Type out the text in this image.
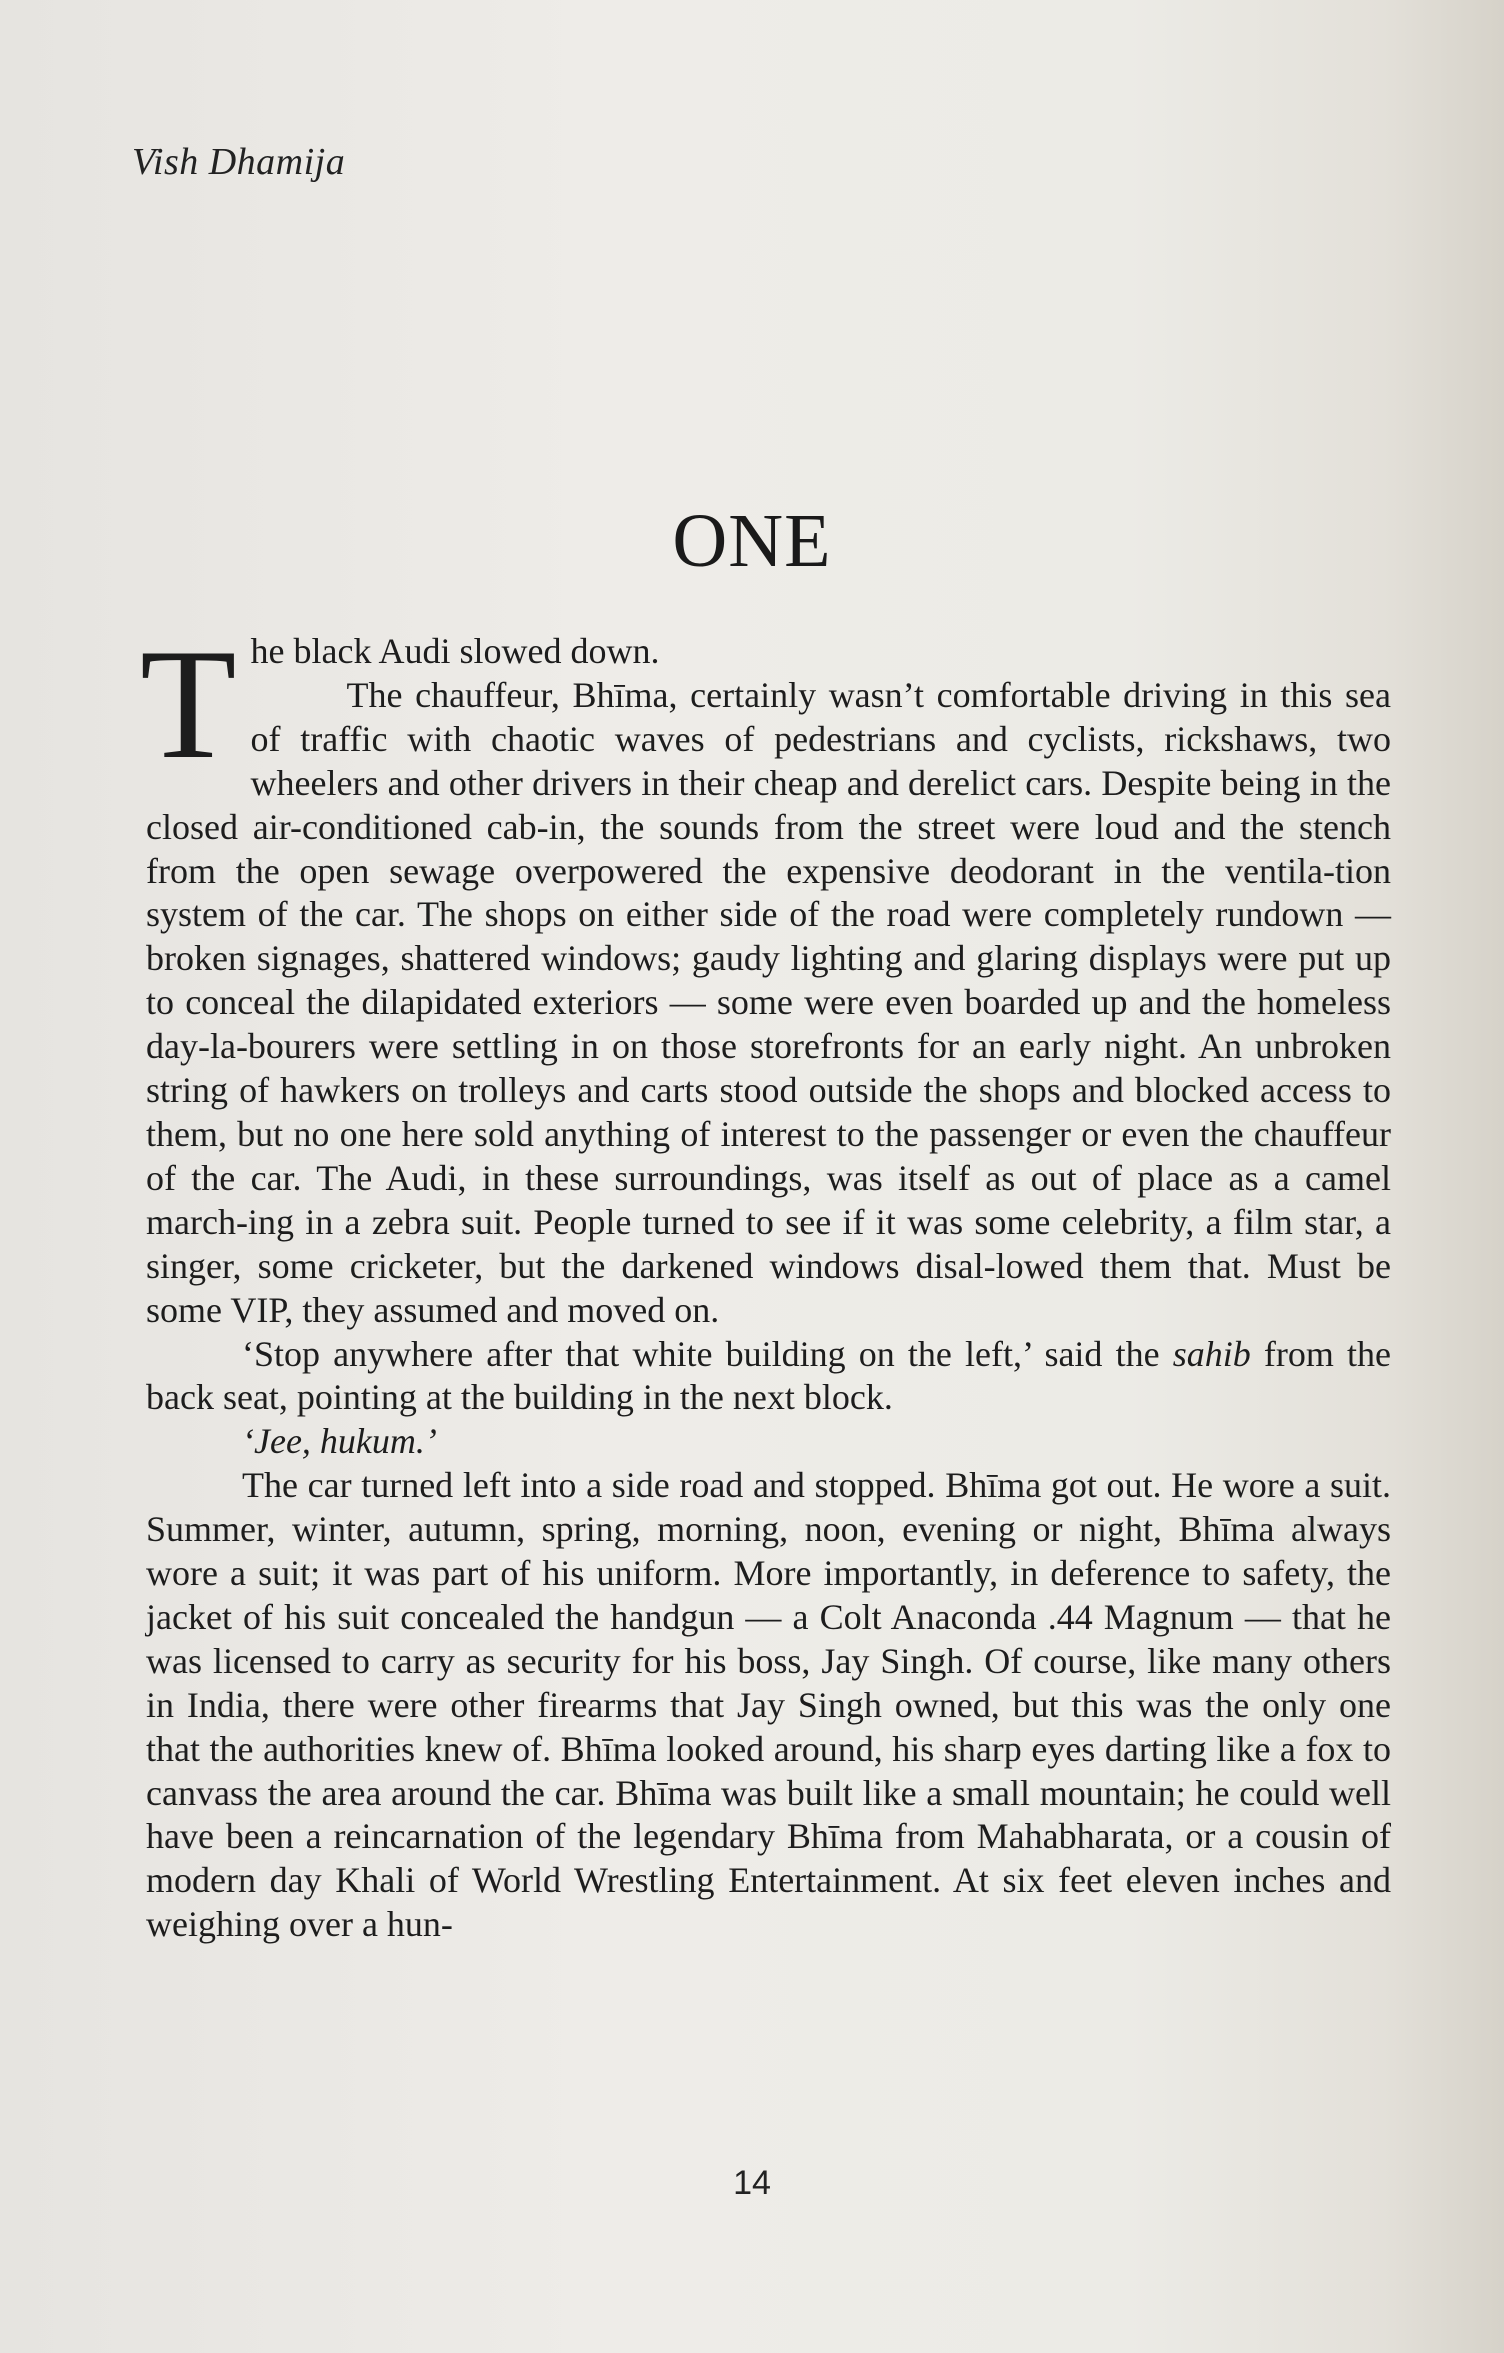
Vish Dhamija
ONE

The black Audi slowed down.

The chauffeur, Bhīma, certainly wasn’t comfortable driving in this sea of traffic with chaotic waves of pedestrians and cyclists, rickshaws, two wheelers and other drivers in their cheap and derelict cars. Despite being in the closed air-conditioned cab-in, the sounds from the street were loud and the stench from the open sewage overpowered the expensive deodorant in the ventila-tion system of the car. The shops on either side of the road were completely rundown — broken signages, shattered windows; gaudy lighting and glaring displays were put up to conceal the dilapidated exteriors — some were even boarded up and the homeless day-la-bourers were settling in on those storefronts for an early night. An unbroken string of hawkers on trolleys and carts stood outside the shops and blocked access to them, but no one here sold anything of interest to the passenger or even the chauffeur of the car. The Audi, in these surroundings, was itself as out of place as a camel march-ing in a zebra suit. People turned to see if it was some celebrity, a film star, a singer, some cricketer, but the darkened windows disal-lowed them that. Must be some VIP, they assumed and moved on.

‘Stop anywhere after that white building on the left,’ said the sahib from the back seat, pointing at the building in the next block.

‘Jee, hukum.’

The car turned left into a side road and stopped. Bhīma got out. He wore a suit. Summer, winter, autumn, spring, morning, noon, evening or night, Bhīma always wore a suit; it was part of his uniform. More importantly, in deference to safety, the jacket of his suit concealed the handgun — a Colt Anaconda .44 Magnum — that he was licensed to carry as security for his boss, Jay Singh. Of course, like many others in India, there were other firearms that Jay Singh owned, but this was the only one that the authorities knew of. Bhīma looked around, his sharp eyes darting like a fox to canvass the area around the car. Bhīma was built like a small mountain; he could well have been a reincarnation of the legendary Bhīma from Mahabharata, or a cousin of modern day Khali of World Wrestling Entertainment. At six feet eleven inches and weighing over a hun-

14
